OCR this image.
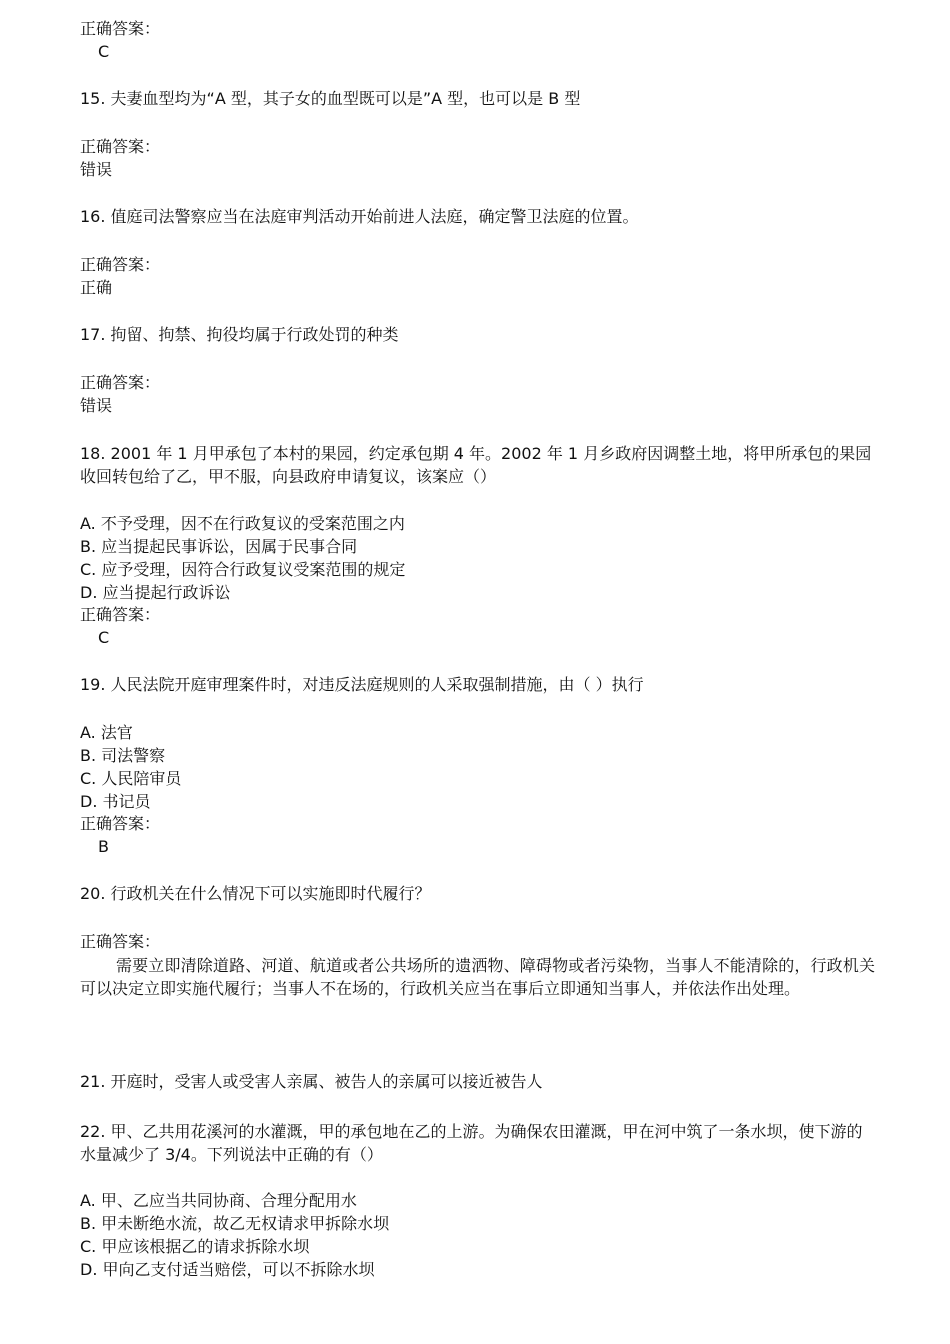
正确答案：
C
15. 夫妻血型均为“A 型，其子女的血型既可以是”A 型，也可以是 B 型
正确答案：
错误
16. 值庭司法警察应当在法庭审判活动开始前进人法庭，确定警卫法庭的位置。
正确答案：
正确
17. 拘留、拘禁、拘役均属于行政处罚的种类
正确答案：
错误
18. 2001 年 1 月甲承包了本村的果园，约定承包期 4 年。2002 年 1 月乡政府因调整土地，将甲所承包的果园收回转包给了乙，甲不服，向县政府申请复议，该案应（）
A. 不予受理，因不在行政复议的受案范围之内
B. 应当提起民事诉讼，因属于民事合同
C. 应予受理，因符合行政复议受案范围的规定
D. 应当提起行政诉讼
正确答案：
C
19. 人民法院开庭审理案件时，对违反法庭规则的人采取强制措施，由（ ）执行
A. 法官
B. 司法警察
C. 人民陪审员
D. 书记员
正确答案：
B
20. 行政机关在什么情况下可以实施即时代履行？
正确答案：
需要立即清除道路、河道、航道或者公共场所的遗洒物、障碍物或者污染物，当事人不能清除的，行政机关可以决定立即实施代履行；当事人不在场的，行政机关应当在事后立即通知当事人，并依法作出处理。
21. 开庭时，受害人或受害人亲属、被告人的亲属可以接近被告人
22. 甲、乙共用花溪河的水灌溉，甲的承包地在乙的上游。为确保农田灌溉，甲在河中筑了一条水坝，使下游的水量减少了 3/4。下列说法中正确的有（）
A. 甲、乙应当共同协商、合理分配用水
B. 甲未断绝水流，故乙无权请求甲拆除水坝
C. 甲应该根据乙的请求拆除水坝
D. 甲向乙支付适当赔偿，可以不拆除水坝
